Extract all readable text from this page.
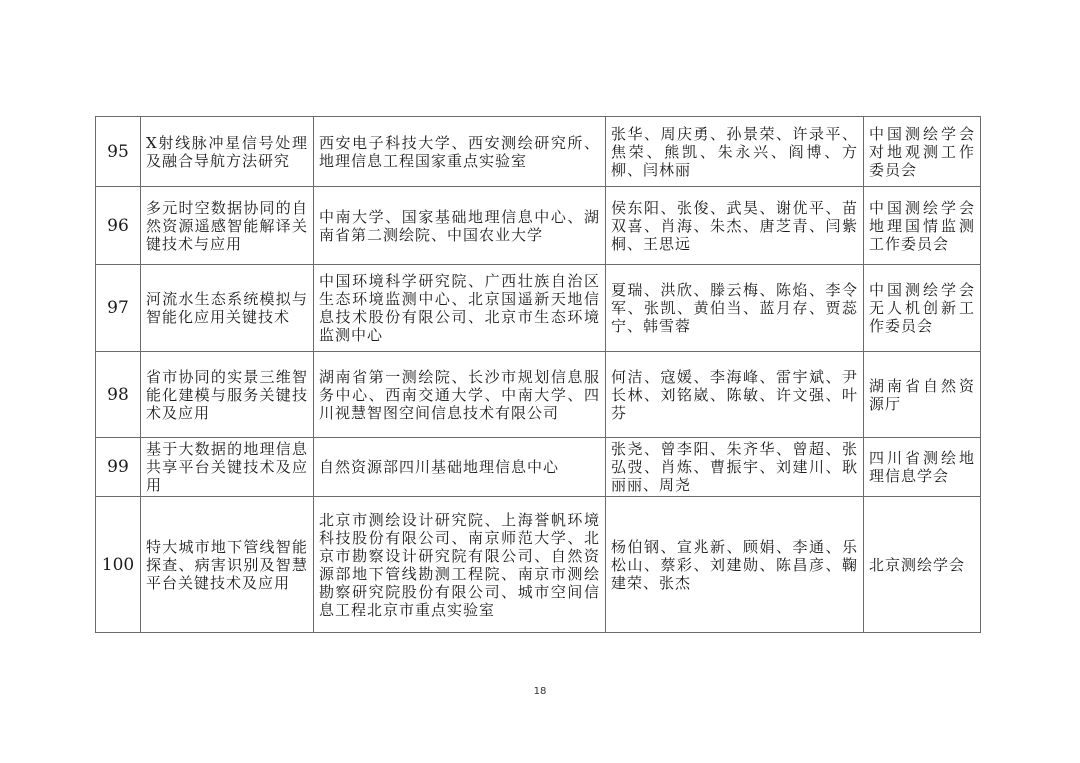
95	X射线脉冲星信号处理及融合导航方法研究	西安电子科技大学、西安测绘研究所、地理信息工程国家重点实验室	张华、周庆勇、孙景荣、许录平、焦荣、熊凯、朱永兴、阎博、方柳、闫林丽	中国测绘学会对地观测工作委员会
96	多元时空数据协同的自然资源遥感智能解译关键技术与应用	中南大学、国家基础地理信息中心、湖南省第二测绘院、中国农业大学	侯东阳、张俊、武昊、谢优平、苗双喜、肖海、朱杰、唐芝青、闫紫桐、王思远	中国测绘学会地理国情监测工作委员会
97	河流水生态系统模拟与智能化应用关键技术	中国环境科学研究院、广西壮族自治区生态环境监测中心、北京国遥新天地信息技术股份有限公司、北京市生态环境监测中心	夏瑞、洪欣、滕云梅、陈焰、李令军、张凯、黄伯当、蓝月存、贾蕊宁、韩雪蓉	中国测绘学会无人机创新工作委员会
98	省市协同的实景三维智能化建模与服务关键技术及应用	湖南省第一测绘院、长沙市规划信息服务中心、西南交通大学、中南大学、四川视慧智图空间信息技术有限公司	何洁、寇媛、李海峰、雷宇斌、尹长林、刘铭崴、陈敏、许文强、叶芬	湖南省自然资源厅
99	基于大数据的地理信息共享平台关键技术及应用	自然资源部四川基础地理信息中心	张尧、曾李阳、朱齐华、曾超、张弘弢、肖炼、曹振宇、刘建川、耿丽丽、周尧	四川省测绘地理信息学会
100	特大城市地下管线智能探查、病害识别及智慧平台关键技术及应用	北京市测绘设计研究院、上海誉帆环境科技股份有限公司、南京师范大学、北京市勘察设计研究院有限公司、自然资源部地下管线勘测工程院、南京市测绘勘察研究院股份有限公司、城市空间信息工程北京市重点实验室	杨伯钢、宣兆新、顾娟、李通、乐松山、蔡彩、刘建勋、陈昌彦、鞠建荣、张杰	北京测绘学会
18
